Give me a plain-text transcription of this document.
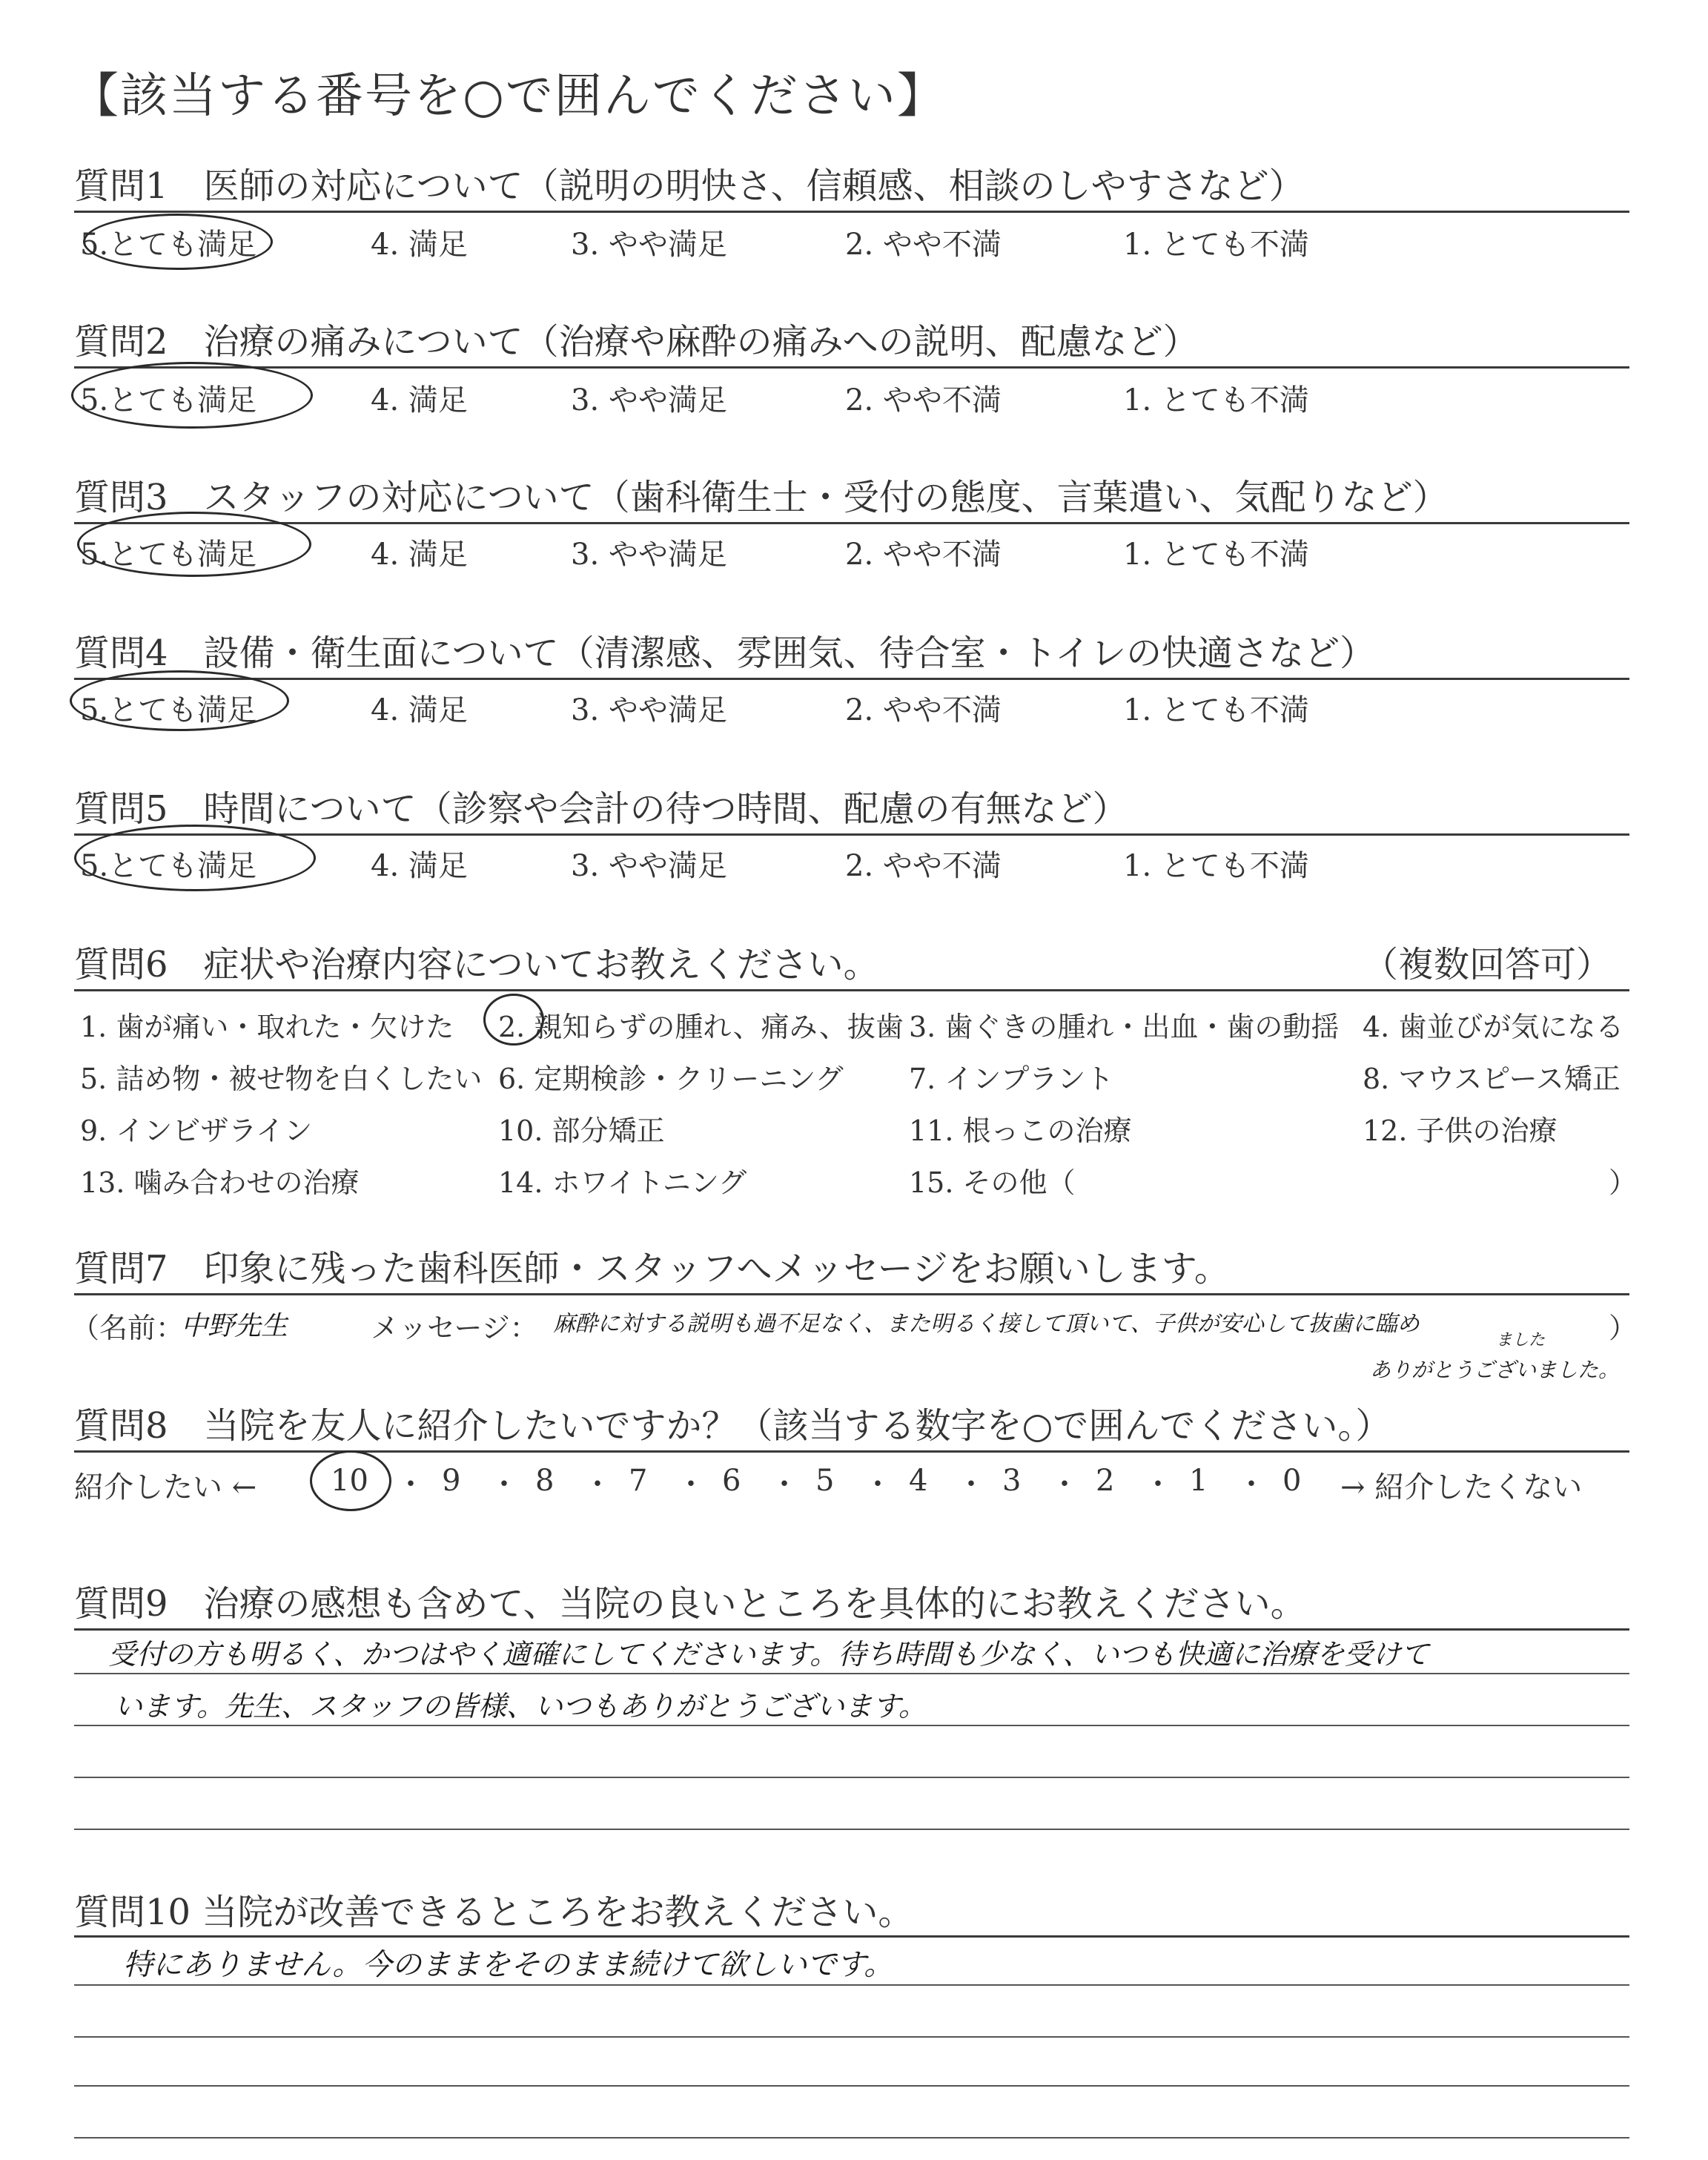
【該当する番号を○で囲んでください】
質問1　医師の対応について（説明の明快さ、信頼感、相談のしやすさなど）
5.とても満足	4. 満足	3. やや満足	2. やや不満	1. とても不満
質問2　治療の痛みについて（治療や麻酔の痛みへの説明、配慮など）
5.とても満足	4. 満足	3. やや満足	2. やや不満	1. とても不満
質問3　スタッフの対応について（歯科衛生士・受付の態度、言葉遣い、気配りなど）
5.とても満足	4. 満足	3. やや満足	2. やや不満	1. とても不満
質問4　設備・衛生面について（清潔感、雰囲気、待合室・トイレの快適さなど）
5.とても満足	4. 満足	3. やや満足	2. やや不満	1. とても不満
質問5　時間について（診察や会計の待つ時間、配慮の有無など）
5.とても満足	4. 満足	3. やや満足	2. やや不満	1. とても不満
質問6　症状や治療内容についてお教えください。	（複数回答可）
1. 歯が痛い・取れた・欠けた 2. 親知らずの腫れ、痛み、抜歯 3. 歯ぐきの腫れ・出血・歯の動揺 4. 歯並びが気になる
5. 詰め物・被せ物を白くしたい 6. 定期検診・クリーニング 7. インプラント	8. マウスピース矯正
9. インビザライン	10. 部分矯正	11. 根っこの治療	12. 子供の治療
13. 噛み合わせの治療	14. ホワイトニング	15. その他（	）
質問7　印象に残った歯科医師・スタッフへメッセージをお願いします。
（名前：
中野先生	メッセージ： 麻酔に対する説明も過不足なく、また明るく接して頂いて、子供が安心して抜歯に臨め	）
ました
ありがとうございました。
質問8　当院を友人に紹介したいですか？（該当する数字を○で囲んでください。）
紹介したい ← 10 ・ 9 ・ 8 ・ 7 ・ 6 ・ 5 ・ 4 ・ 3 ・ 2 ・ 1 ・ 0 → 紹介したくない
質問9　治療の感想も含めて、当院の良いところを具体的にお教えください。
受付の方も明るく、かつはやく適確にしてくださいます。待ち時間も少なく、いつも快適に治療を受けて
います。先生、スタッフの皆様、いつもありがとうございます。
質問10 当院が改善できるところをお教えください。
特にありません。今のままをそのまま続けて欲しいです。
